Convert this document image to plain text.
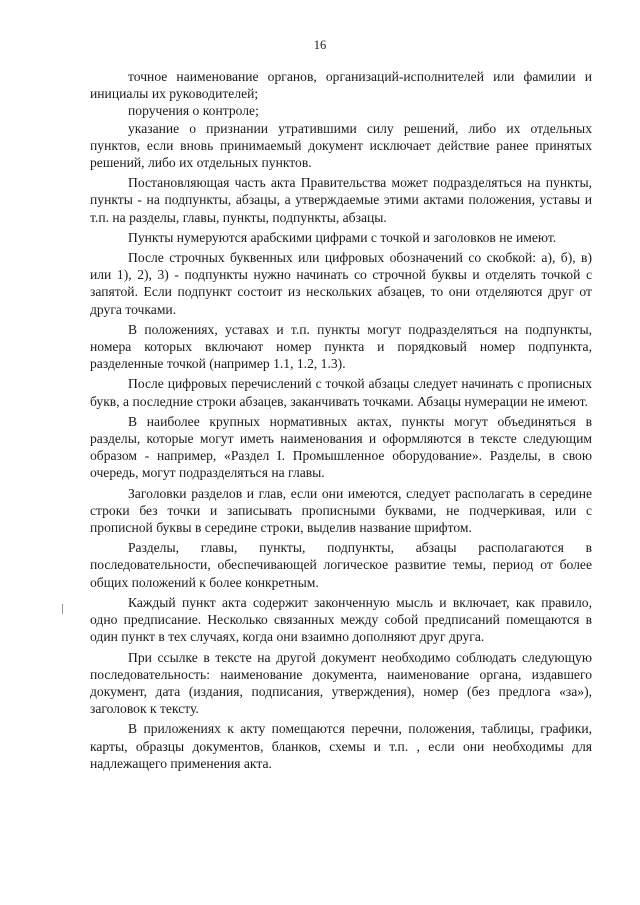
16

точное наименование органов, организаций-исполнителей или фамилии и инициалы их руководителей;

поручения о контроле;

указание о признании утратившими силу решений, либо их отдельных пунктов, если вновь принимаемый документ исключает действие ранее принятых решений, либо их отдельных пунктов.

Постановляющая часть акта Правительства может подразделяться на пункты, пункты - на подпункты, абзацы, а утверждаемые этими актами положения, уставы и т.п. на разделы, главы, пункты, подпункты, абзацы.

Пункты нумеруются арабскими цифрами с точкой и заголовков не имеют.

После строчных буквенных или цифровых обозначений со скобкой: а), б), в) или 1), 2), 3) - подпункты нужно начинать со строчной буквы и отделять точкой с запятой. Если подпункт состоит из нескольких абзацев, то они отделяются друг от друга точками.

В положениях, уставах и т.п. пункты могут подразделяться на подпункты, номера которых включают номер пункта и порядковый номер подпункта, разделенные точкой (например 1.1, 1.2, 1.3).

После цифровых перечислений с точкой абзацы следует начинать с прописных букв, а последние строки абзацев, заканчивать точками. Абзацы нумерации не имеют.

В наиболее крупных нормативных актах, пункты могут объединяться в разделы, которые могут иметь наименования и оформляются в тексте следующим образом - например, «Раздел I. Промышленное оборудование». Разделы, в свою очередь, могут подразделяться на главы.

Заголовки разделов и глав, если они имеются, следует располагать в середине строки без точки и записывать прописными буквами, не подчеркивая, или с прописной буквы в середине строки, выделив название шрифтом.

Разделы, главы, пункты, подпункты, абзацы располагаются в последовательности, обеспечивающей логическое развитие темы, период от более общих положений к более конкретным.

Каждый пункт акта содержит законченную мысль и включает, как правило, одно предписание. Несколько связанных между собой предписаний помещаются в один пункт в тех случаях, когда они взаимно дополняют друг друга.

При ссылке в тексте на другой документ необходимо соблюдать следующую последовательность: наименование документа, наименование органа, издавшего документ, дата (издания, подписания, утверждения), номер (без предлога «за»), заголовок к тексту.

В приложениях к акту помещаются перечни, положения, таблицы, графики, карты, образцы документов, бланков, схемы и т.п. , если они необходимы для надлежащего применения акта.
